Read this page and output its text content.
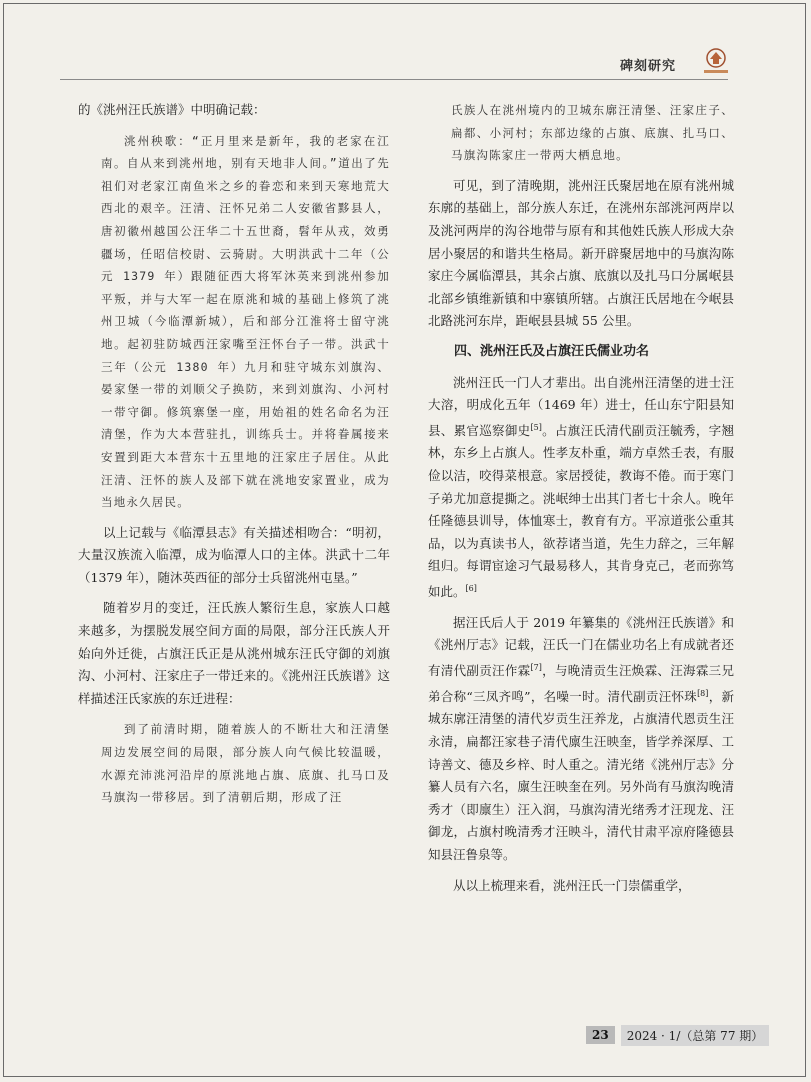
碑刻研究

的《洮州汪氏族谱》中明确记载：

洮州秧歌：“正月里来是新年，我的老家在江南。自从来到洮州地，别有天地非人间。”道出了先祖们对老家江南鱼米之乡的眷恋和来到天寒地荒大西北的艰辛。汪清、汪怀兄弟二人安徽省黟县人，唐初徽州越国公汪华二十五世裔，髫年从戎，效勇疆场，任昭信校尉、云骑尉。大明洪武十二年（公元 1379 年）跟随征西大将军沐英来到洮州参加平叛，并与大军一起在原洮和城的基础上修筑了洮州卫城（今临潭新城），后和部分江淮将士留守洮地。起初驻防城西汪家嘴至汪怀台子一带。洪武十三年（公元 1380 年）九月和驻守城东刘旗沟、晏家堡一带的刘顺父子换防，来到刘旗沟、小河村一带守御。修筑寨堡一座，用始祖的姓名命名为汪清堡，作为大本营驻扎，训练兵士。并将眷属接来安置到距大本营东十五里地的汪家庄子居住。从此汪清、汪怀的族人及部下就在洮地安家置业，成为当地永久居民。

以上记载与《临潭县志》有关描述相吻合：“明初，大量汉族流入临潭，成为临潭人口的主体。洪武十二年（1379 年），随沐英西征的部分士兵留洮州屯垦。”

随着岁月的变迁，汪氏族人繁衍生息，家族人口越来越多，为摆脱发展空间方面的局限，部分汪氏族人开始向外迁徙，占旗汪氏正是从洮州城东汪氏守御的刘旗沟、小河村、汪家庄子一带迁来的。《洮州汪氏族谱》这样描述汪氏家族的东迁进程：

到了前清时期，随着族人的不断壮大和汪清堡周边发展空间的局限，部分族人向气候比较温暖，水源充沛洮河沿岸的原洮地占旗、底旗、扎马口及马旗沟一带移居。到了清朝后期，形成了汪

氏族人在洮州境内的卫城东廓汪清堡、汪家庄子、扁都、小河村；东部边缘的占旗、底旗、扎马口、马旗沟陈家庄一带两大栖息地。

可见，到了清晚期，洮州汪氏聚居地在原有洮州城东廓的基础上，部分族人东迁，在洮州东部洮河两岸以及洮河两岸的沟谷地带与原有和其他姓氏族人形成大杂居小聚居的和谐共生格局。新开辟聚居地中的马旗沟陈家庄今属临潭县，其余占旗、底旗以及扎马口分属岷县北部乡镇维新镇和中寨镇所辖。占旗汪氏居地在今岷县北路洮河东岸，距岷县县城 55 公里。

四、洮州汪氏及占旗汪氏儒业功名

洮州汪氏一门人才辈出。出自洮州汪清堡的进士汪大溶，明成化五年（1469 年）进士，任山东宁阳县知县、累官巡察御史[5]。占旗汪氏清代副贡汪毓秀，字翘林，东乡上占旗人。性孝友朴重，端方卓然壬表，有服俭以洁，咬得菜根意。家居授徒，教诲不倦。而于寒门子弟尤加意提撕之。洮岷绅士出其门者七十余人。晚年任隆德县训导，体恤寒士，教育有方。平凉道张公重其品，以为真读书人，欲荐诸当道，先生力辞之，三年解组归。每谓宦途习气最易移人，其肯身克己，老而弥笃如此。[6]

据汪氏后人于 2019 年纂集的《洮州汪氏族谱》和《洮州厅志》记载，汪氏一门在儒业功名上有成就者还有清代副贡汪作霖[7]，与晚清贡生汪焕霖、汪海霖三兄弟合称“三凤齐鸣”，名噪一时。清代副贡汪怀珠[8]，新城东廓汪清堡的清代岁贡生汪养龙，占旗清代恩贡生汪永清，扁都汪家巷子清代廪生汪映奎，皆学养深厚、工诗善文、德及乡梓、时人重之。清光绪《洮州厅志》分纂人员有六名，廪生汪映奎在列。另外尚有马旗沟晚清秀才（即廪生）汪入润，马旗沟清光绪秀才汪现龙、汪御龙，占旗村晚清秀才汪映斗，清代甘肃平凉府隆德县知县汪鲁泉等。

从以上梳理来看，洮州汪氏一门崇儒重学，

23	2024 · 1/（总第 77 期）
